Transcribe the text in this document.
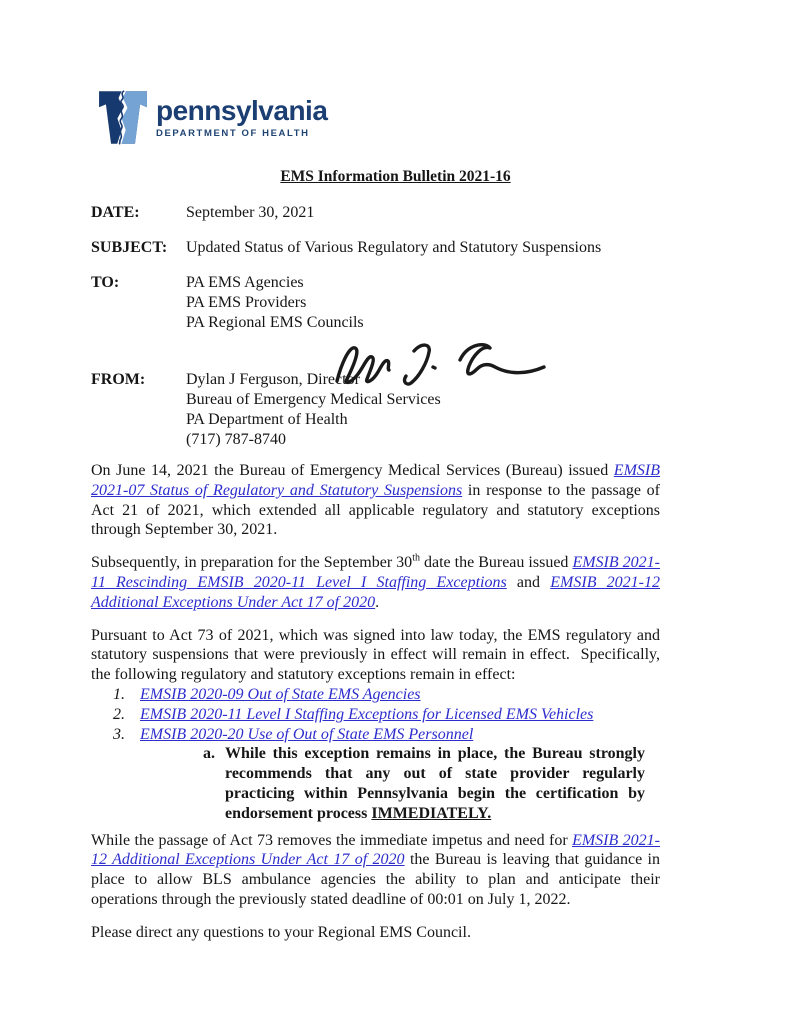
pennsylvania
DEPARTMENT OF HEALTH
EMS Information Bulletin 2021-16
DATE:	September 30, 2021
SUBJECT:	Updated Status of Various Regulatory and Statutory Suspensions
TO:	PA EMS Agencies
PA EMS Providers
PA Regional EMS Councils
FROM:	Dylan J Ferguson, Director
Bureau of Emergency Medical Services
PA Department of Health
(717) 787-8740

On June 14, 2021 the Bureau of Emergency Medical Services (Bureau) issued EMSIB 2021-07 Status of Regulatory and Statutory Suspensions in response to the passage of Act 21 of 2021, which extended all applicable regulatory and statutory exceptions through September 30, 2021.

Subsequently, in preparation for the September 30th date the Bureau issued EMSIB 2021-11 Rescinding EMSIB 2020-11 Level I Staffing Exceptions and EMSIB 2021-12 Additional Exceptions Under Act 17 of 2020.

Pursuant to Act 73 of 2021, which was signed into law today, the EMS regulatory and statutory suspensions that were previously in effect will remain in effect.  Specifically, the following regulatory and statutory exceptions remain in effect:

1. EMSIB 2020-09 Out of State EMS Agencies
2. EMSIB 2020-11 Level I Staffing Exceptions for Licensed EMS Vehicles
3. EMSIB 2020-20 Use of Out of State EMS Personnel
a. While this exception remains in place, the Bureau strongly recommends that any out of state provider regularly practicing within Pennsylvania begin the certification by endorsement process IMMEDIATELY.

While the passage of Act 73 removes the immediate impetus and need for EMSIB 2021-12 Additional Exceptions Under Act 17 of 2020 the Bureau is leaving that guidance in place to allow BLS ambulance agencies the ability to plan and anticipate their operations through the previously stated deadline of 00:01 on July 1, 2022.

Please direct any questions to your Regional EMS Council.
